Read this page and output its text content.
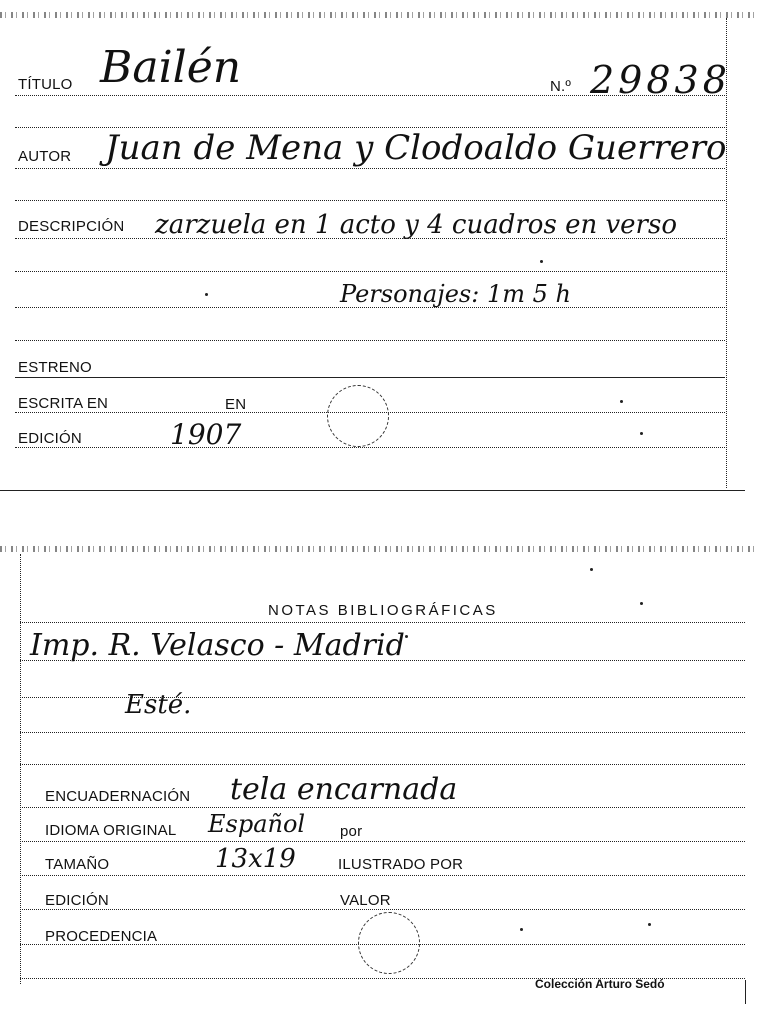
TÍTULO Bailén	N.º 29838
AUTOR Juan de Mena y Clodoaldo Guerrero
DESCRIPCIÓN zarzuela en 1 acto y 4 cuadros en verso
Personajes: 1m 5 h
ESTRENO
ESCRITA EN	EN
EDICIÓN	1907
NOTAS BIBLIOGRÁFICAS
Imp. R. Velasco - Madrid
Esté.
ENCUADERNACIÓN tela encarnada
IDIOMA ORIGINAL Español por
TAMAÑO	13x19	ILUSTRADO POR
EDICIÓN	VALOR
PROCEDENCIA
Colección Arturo Sedó
